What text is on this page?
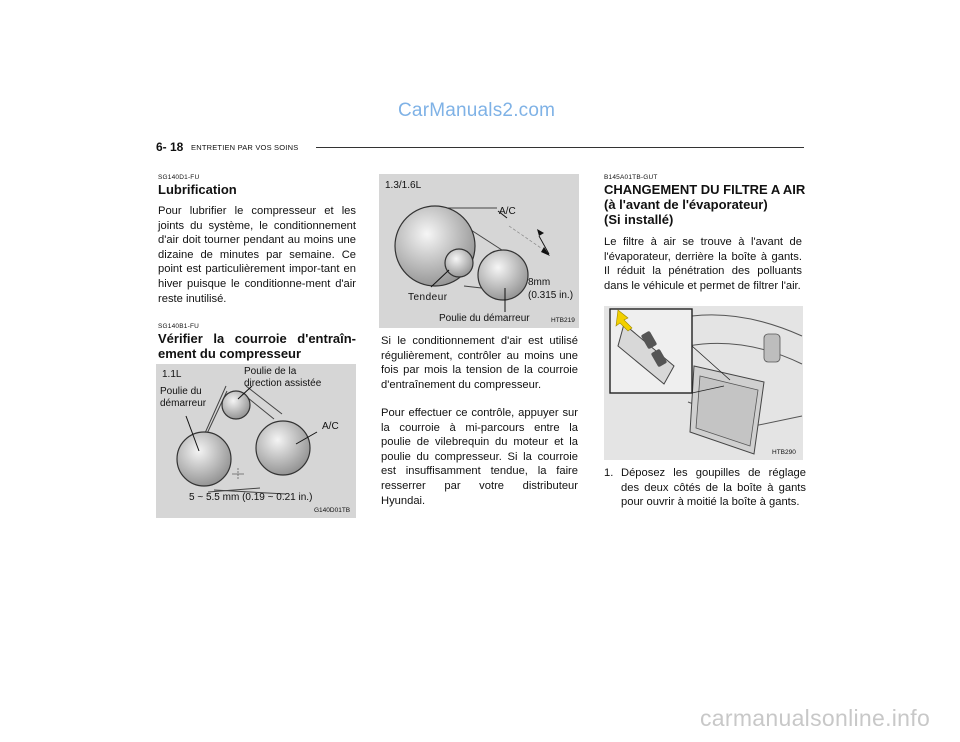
CarManuals2.com
carmanualsonline.info
6- 18 ENTRETIEN PAR VOS SOINS
SG140D1-FU
Lubrification
Pour lubrifier le compresseur et les joints du système, le conditionnement d'air doit tourner pendant au moins une dizaine de minutes par semaine. Ce point est particulièrement impor-tant en hiver puisque le conditionne-ment d'air reste inutilisé.
SG140B1-FU
Vérifier la courroie d'entraîn-
ement du compresseur
1.1L
Poulie du
démarreur
Poulie de la
direction assistée
A/C
5 ~ 5.5 mm (0.19 ~ 0.21 in.)
G140D01TB
1.3/1.6L
A/C
8mm
(0.315 in.)
Tendeur
Poulie du démarreur	HTB219
Si le conditionnement d'air est utilisé régulièrement, contrôler au moins une fois par mois la tension de la courroie d'entraînement du compresseur.
Pour effectuer ce contrôle, appuyer sur la courroie à mi-parcours entre la poulie de vilebrequin du moteur et la poulie du compresseur. Si la courroie est insuffisamment tendue, la faire resserrer par votre distributeur Hyundai.
B145A01TB-GUT
CHANGEMENT DU FILTRE A AIR
(à l'avant de l'évaporateur)
(Si installé)
Le filtre à air se trouve à l'avant de l'évaporateur, derrière la boîte à gants. Il réduit la pénétration des polluants dans le véhicule et permet de filtrer l'air.
HTB290
1. Déposez les goupilles de réglage des deux côtés de la boîte à gants pour ouvrir à moitié la boîte à gants.
